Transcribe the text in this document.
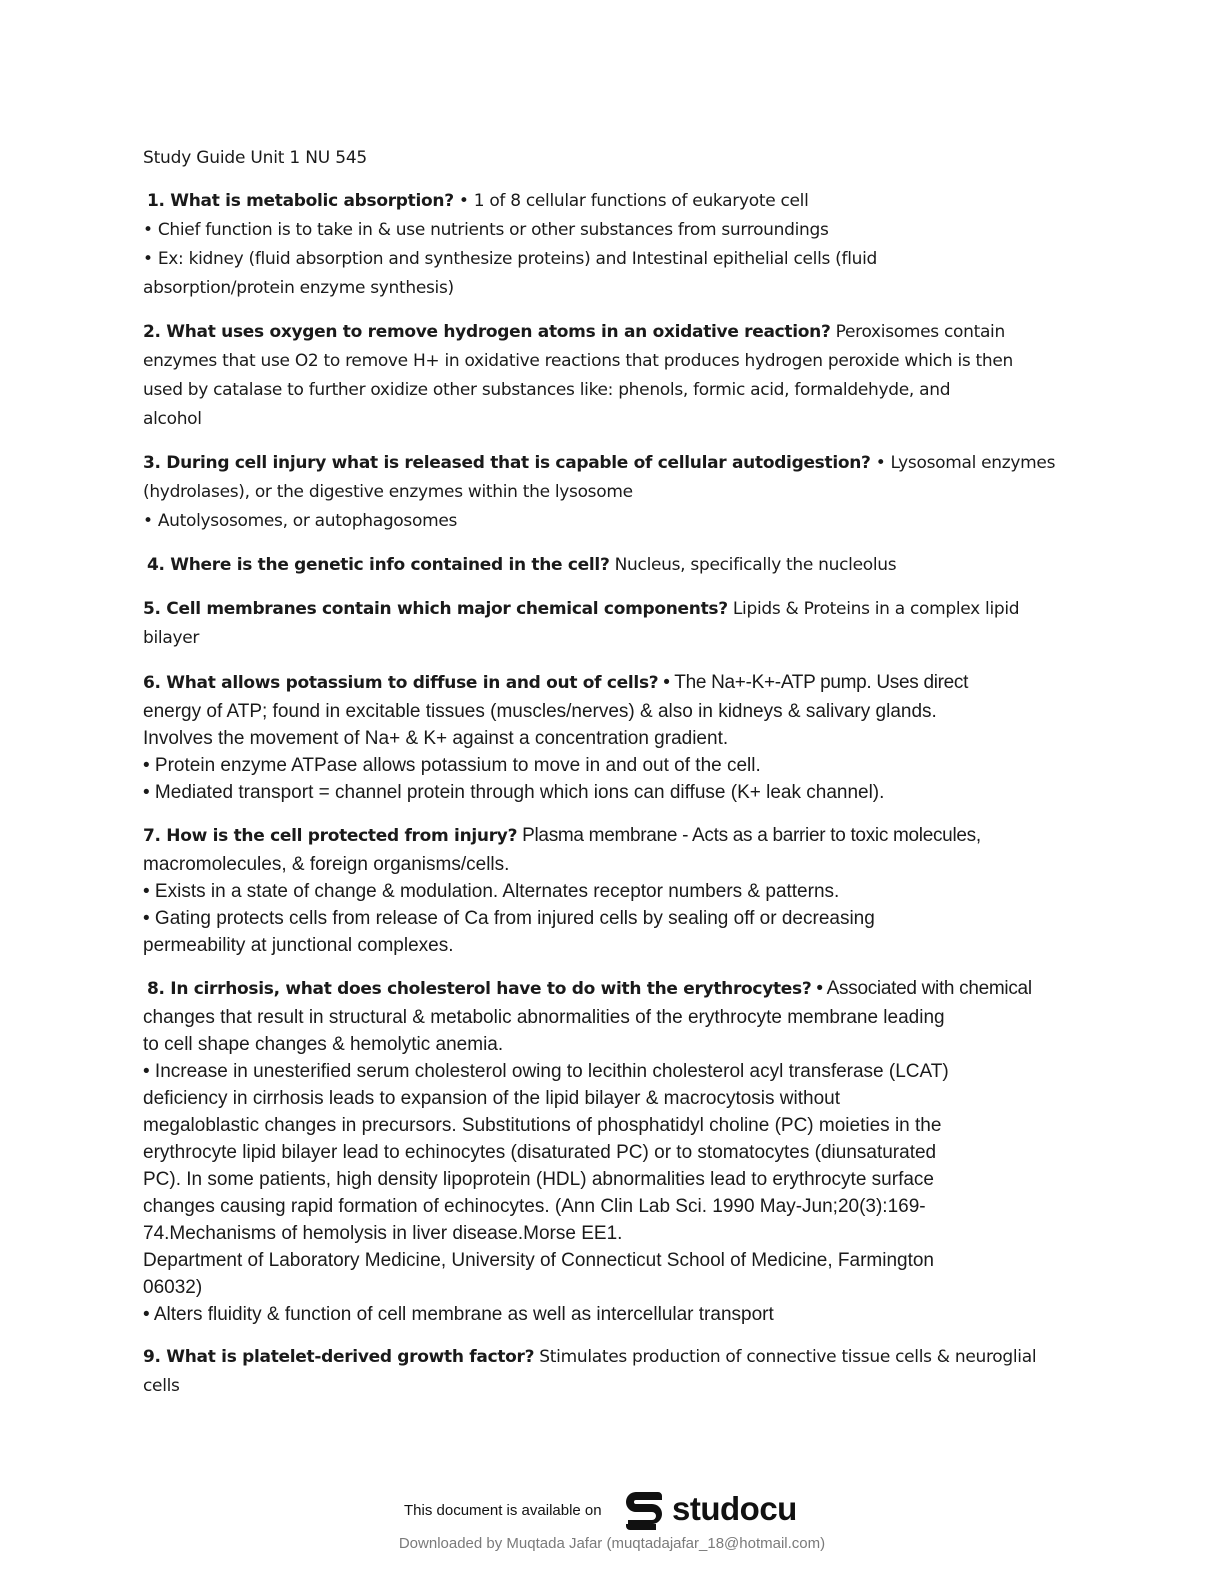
Study Guide Unit 1 NU 545
1. What is metabolic absorption? • 1 of 8 cellular functions of eukaryote cell
• Chief function is to take in & use nutrients or other substances from surroundings
• Ex: kidney (fluid absorption and synthesize proteins) and Intestinal epithelial cells (fluid
absorption/protein enzyme synthesis)
2. What uses oxygen to remove hydrogen atoms in an oxidative reaction? Peroxisomes contain
enzymes that use O2 to remove H+ in oxidative reactions that produces hydrogen peroxide which is then
used by catalase to further oxidize other substances like: phenols, formic acid, formaldehyde, and
alcohol
3. During cell injury what is released that is capable of cellular autodigestion? • Lysosomal enzymes
(hydrolases), or the digestive enzymes within the lysosome
• Autolysosomes, or autophagosomes
4. Where is the genetic info contained in the cell? Nucleus, specifically the nucleolus
5. Cell membranes contain which major chemical components? Lipids & Proteins in a complex lipid
bilayer
6. What allows potassium to diffuse in and out of cells? • The Na+-K+-ATP pump. Uses direct
energy of ATP; found in excitable tissues (muscles/nerves) & also in kidneys & salivary glands.
Involves the movement of Na+ & K+ against a concentration gradient.
• Protein enzyme ATPase allows potassium to move in and out of the cell.
• Mediated transport = channel protein through which ions can diffuse (K+ leak channel).
7. How is the cell protected from injury? Plasma membrane - Acts as a barrier to toxic molecules,
macromolecules, & foreign organisms/cells.
• Exists in a state of change & modulation. Alternates receptor numbers & patterns.
• Gating protects cells from release of Ca from injured cells by sealing off or decreasing
permeability at junctional complexes.
8. In cirrhosis, what does cholesterol have to do with the erythrocytes? • Associated with chemical
changes that result in structural & metabolic abnormalities of the erythrocyte membrane leading
to cell shape changes & hemolytic anemia.
• Increase in unesterified serum cholesterol owing to lecithin cholesterol acyl transferase (LCAT)
deficiency in cirrhosis leads to expansion of the lipid bilayer & macrocytosis without
megaloblastic changes in precursors. Substitutions of phosphatidyl choline (PC) moieties in the
erythrocyte lipid bilayer lead to echinocytes (disaturated PC) or to stomatocytes (diunsaturated
PC). In some patients, high density lipoprotein (HDL) abnormalities lead to erythrocyte surface
changes causing rapid formation of echinocytes. (Ann Clin Lab Sci. 1990 May-Jun;20(3):169-
74.Mechanisms of hemolysis in liver disease.Morse EE1.
Department of Laboratory Medicine, University of Connecticut School of Medicine, Farmington
06032)
• Alters fluidity & function of cell membrane as well as intercellular transport
9. What is platelet-derived growth factor? Stimulates production of connective tissue cells & neuroglial
cells
This document is available on studocu
Downloaded by Muqtada Jafar (muqtadajafar_18@hotmail.com)
